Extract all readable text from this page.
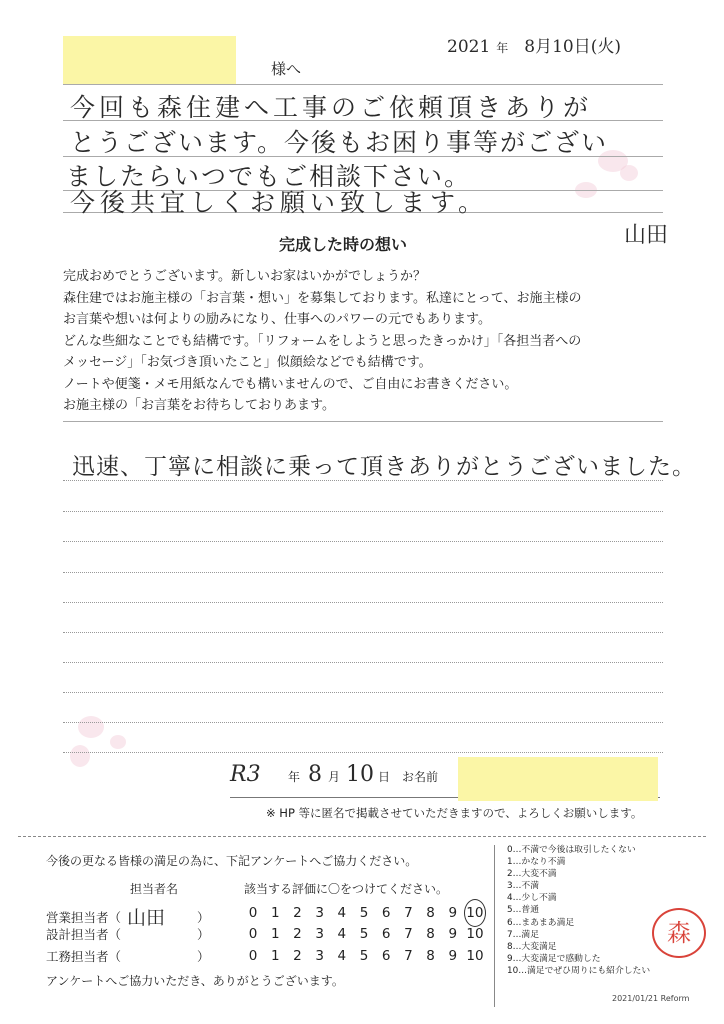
2021 年 8月10日(火)
様へ
今回も森住建へ工事のご依頼頂きありが
とうございます。今後もお困り事等がござい
ましたらいつでもご相談下さい。
今後共宜しくお願い致します。
山田
完成した時の想い
完成おめでとうございます。新しいお家はいかがでしょうか？
森住建ではお施主様の「お言葉・想い」を募集しております。私達にとって、お施主様の
お言葉や想いは何よりの励みになり、仕事へのパワーの元でもあります。
どんな些細なことでも結構です。「リフォームをしようと思ったきっかけ」「各担当者への
メッセージ」「お気づき頂いたこと」似顔絵などでも結構です。
ノートや便箋・メモ用紙なんでも構いませんので、ご自由にお書きください。
お施主様の「お言葉をお待ちしておりあます。
迅速、丁寧に相談に乗って頂きありがとうございました。
R3	年 8 月 10 日 お名前
※ HP 等に匿名で掲載させていただきますので、よろしくお願いします。
今後の更なる皆様の満足の為に、下記アンケートへご協力ください。
担当者名	該当する評価に〇をつけてください。
営業担当者（ 山田	）	0	1	2	3	4	5	6	7	8	9 10
設計担当者（	）	0	1	2	3	4	5	6	7	8	9 10
工務担当者（	）	0	1	2	3	4	5	6	7	8	9 10
アンケートへご協力いただき、ありがとうございます。
0…不満で今後は取引したくない
1…かなり不満
2…大変不満
3…不満
4…少し不満
5…普通
6…まあまあ満足
7…満足
8…大変満足
9…大変満足で感動した
10…満足でぜひ周りにも紹介したい
森
2021/01/21 Reform
